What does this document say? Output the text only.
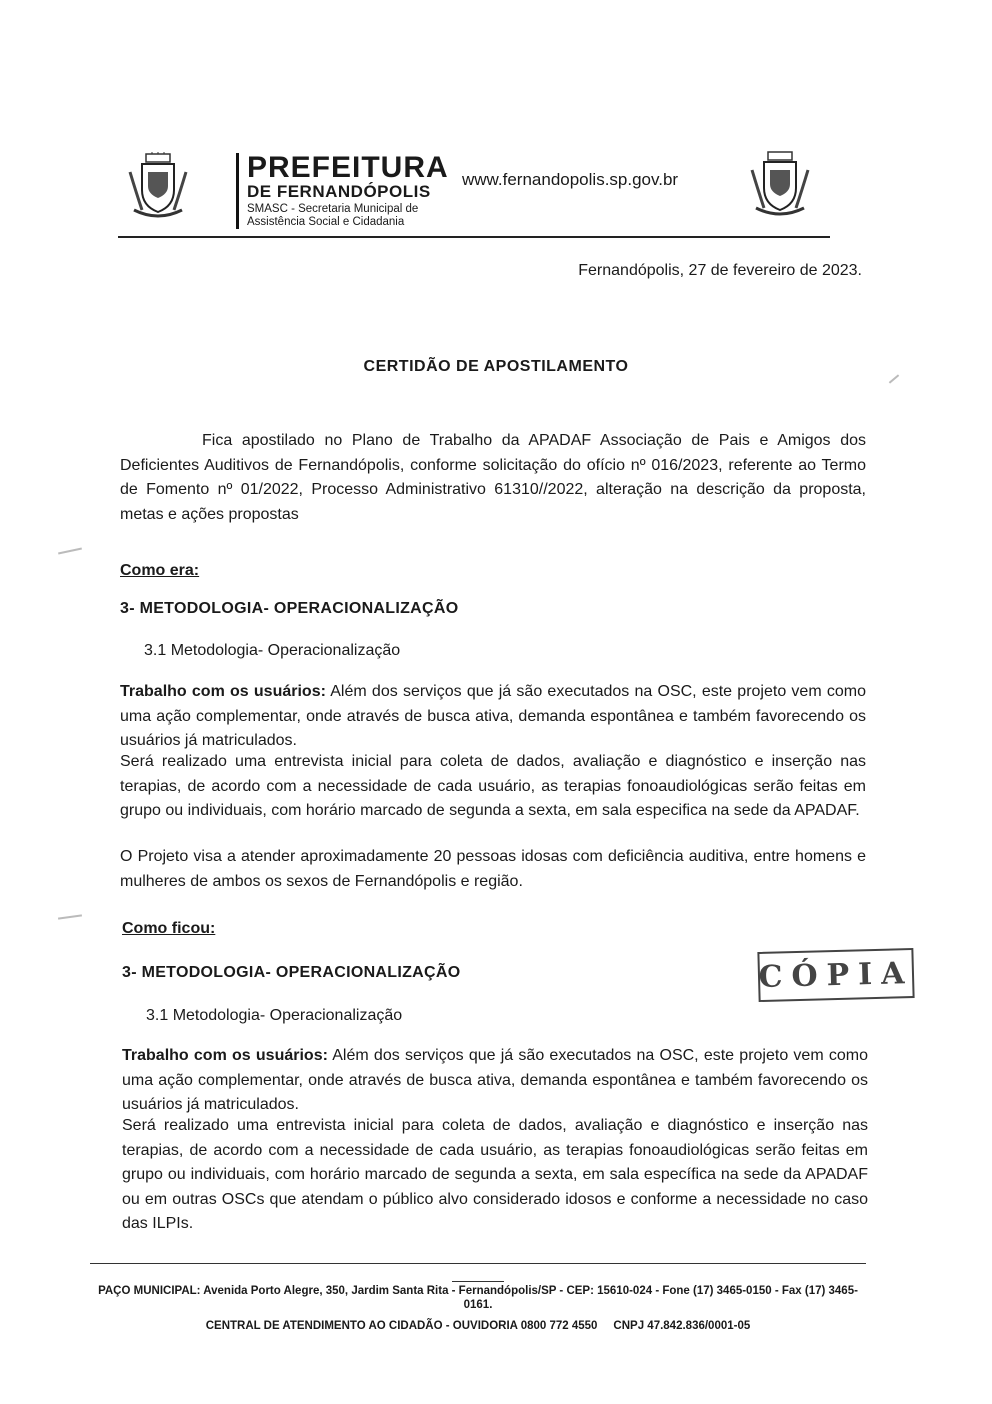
PREFEITURA
DE FERNANDÓPOLIS
SMASC - Secretaria Municipal de Assistência Social e Cidadania
www.fernandopolis.sp.gov.br
Fernandópolis, 27 de fevereiro de 2023.
CERTIDÃO DE APOSTILAMENTO
Fica apostilado no Plano de Trabalho da APADAF Associação de Pais e Amigos dos Deficientes Auditivos de Fernandópolis, conforme solicitação do ofício nº 016/2023, referente ao Termo de Fomento nº 01/2022, Processo Administrativo 61310//2022, alteração na descrição da proposta, metas e ações propostas
Como era:
3- METODOLOGIA- OPERACIONALIZAÇÃO
3.1 Metodologia- Operacionalização
Trabalho com os usuários: Além dos serviços que já são executados na OSC, este projeto vem como uma ação complementar, onde através de busca ativa, demanda espontânea e também favorecendo os usuários já matriculados.
Será realizado uma entrevista inicial para coleta de dados, avaliação e diagnóstico e inserção nas terapias, de acordo com a necessidade de cada usuário, as terapias fonoaudiológicas serão feitas em grupo ou individuais, com horário marcado de segunda a sexta, em sala especifica na sede da APADAF.
O Projeto visa a atender aproximadamente 20 pessoas idosas com deficiência auditiva, entre homens e mulheres de ambos os sexos de Fernandópolis e região.
Como ficou:
3- METODOLOGIA- OPERACIONALIZAÇÃO	CÓPIA
3.1 Metodologia- Operacionalização
Trabalho com os usuários: Além dos serviços que já são executados na OSC, este projeto vem como uma ação complementar, onde através de busca ativa, demanda espontânea e também favorecendo os usuários já matriculados.
Será realizado uma entrevista inicial para coleta de dados, avaliação e diagnóstico e inserção nas terapias, de acordo com a necessidade de cada usuário, as terapias fonoaudiológicas serão feitas em grupo ou individuais, com horário marcado de segunda a sexta, em sala específica na sede da APADAF ou em outras OSCs que atendam o público alvo considerado idosos e conforme a necessidade no caso das ILPIs.
PAÇO MUNICIPAL: Avenida Porto Alegre, 350, Jardim Santa Rita - Fernandópolis/SP - CEP: 15610-024 - Fone (17) 3465-0150 - Fax (17) 3465-0161.
CENTRAL DE ATENDIMENTO AO CIDADÃO - OUVIDORIA 0800 772 4550     CNPJ 47.842.836/0001-05
